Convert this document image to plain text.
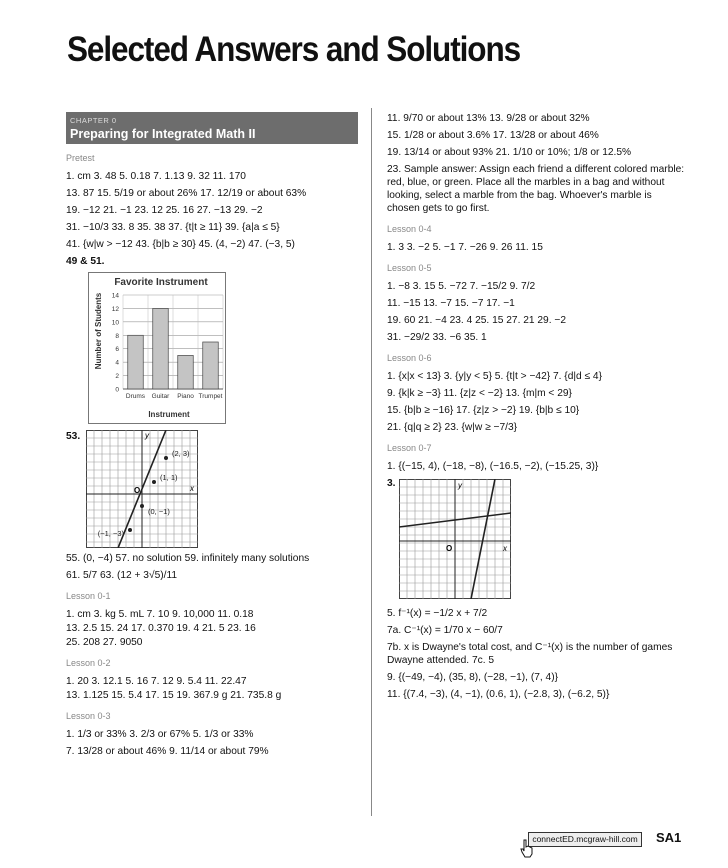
Selected Answers and Solutions
CHAPTER 0
Preparing for Integrated Math II
Pretest
1. cm 3. 48 5. 0.18 7. 1.13 9. 32 11. 170
13. 87 15. 5/19 or about 26% 17. 12/19 or about 63%
19. −12 21. −1 23. 12 25. 16 27. −13 29. −2
31. −10/3 33. 8 35. 38 37. {t|t ≥ 11} 39. {a|a ≤ 5}
41. {w|w > −12 43. {b|b ≥ 30} 45. (4, −2) 47. (−3, 5)
49 & 51.
Favorite Instrument
Number of Students
Instrument
0
2
4
6
8
10
12
14
Drums Guitar Piano Trumpet
53.
x
y
O
(2, 3)
(1, 1)
(0, −1)
(−1, −3)
55. (0, −4) 57. no solution 59. infinitely many solutions
61. 5/7 63. (12 + 3√5)/11
Lesson 0-1
1. cm 3. kg 5. mL 7. 10 9. 10,000 11. 0.18
13. 2.5 15. 24 17. 0.370 19. 4 21. 5 23. 16
25. 208 27. 9050
Lesson 0-2
1. 20 3. 12.1 5. 16 7. 12 9. 5.4 11. 22.47
13. 1.125 15. 5.4 17. 15 19. 367.9 g 21. 735.8 g
Lesson 0-3
1. 1/3 or 33% 3. 2/3 or 67% 5. 1/3 or 33%
7. 13/28 or about 46% 9. 11/14 or about 79%
11. 9/70 or about 13% 13. 9/28 or about 32%
15. 1/28 or about 3.6% 17. 13/28 or about 46%
19. 13/14 or about 93% 21. 1/10 or 10%; 1/8 or 12.5%
23. Sample answer: Assign each friend a different colored marble: red, blue, or green. Place all the marbles in a bag and without looking, select a marble from the bag. Whoever's marble is chosen gets to go first.
Lesson 0-4
1. 3 3. −2 5. −1 7. −26 9. 26 11. 15
Lesson 0-5
1. −8 3. 15 5. −72 7. −15/2 9. 7/2
11. −15 13. −7 15. −7 17. −1
19. 60 21. −4 23. 4 25. 15 27. 21 29. −2
31. −29/2 33. −6 35. 1
Lesson 0-6
1. {x|x < 13} 3. {y|y < 5} 5. {t|t > −42} 7. {d|d ≤ 4}
9. {k|k ≥ −3} 11. {z|z < −2} 13. {m|m < 29}
15. {b|b ≥ −16} 17. {z|z > −2} 19. {b|b ≤ 10}
21. {q|q ≥ 2} 23. {w|w ≥ −7/3}
Lesson 0-7
1. {(−15, 4), (−18, −8), (−16.5, −2), (−15.25, 3)}
3.
x
y
O
5. f⁻¹(x) = −1/2 x + 7/2
7a. C⁻¹(x) = 1/70 x − 60/7
7b. x is Dwayne's total cost, and C⁻¹(x) is the number of games Dwayne attended. 7c. 5
9. {(−49, −4), (35, 8), (−28, −1), (7, 4)}
11. {(7.4, −3), (4, −1), (0.6, 1), (−2.8, 3), (−6.2, 5)}
connectED.mcgraw-hill.com	SA1
